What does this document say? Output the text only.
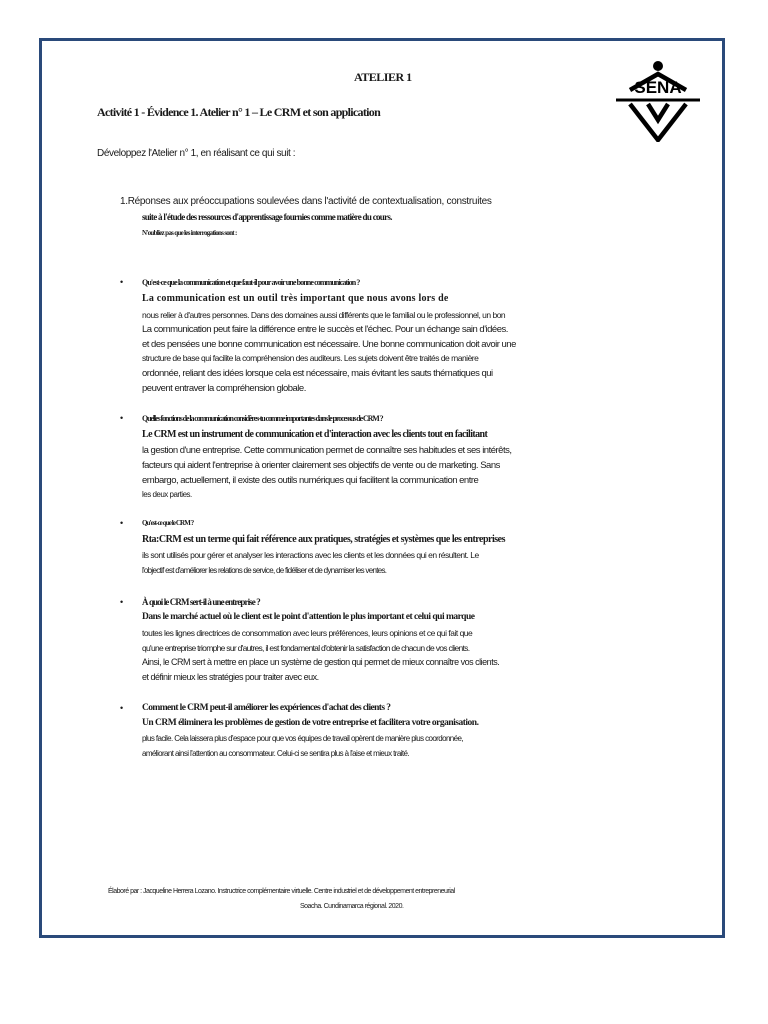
ATELIER 1
Activité 1 - Évidence 1. Atelier n° 1 – Le CRM et son application
SENA
Développez l'Atelier n° 1, en réalisant ce qui suit :
1.Réponses aux préoccupations soulevées dans l'activité de contextualisation, construites
suite à l'étude des ressources d'apprentissage fournies comme matière du cours.
N'oubliez pas que les interrogations sont :
• Qu'est-ce que la communication et que faut-il pour avoir une bonne communication ?
La communication est un outil très important que nous avons lors de
nous relier à d'autres personnes. Dans des domaines aussi différents que le familial ou le professionnel, un bon
La communication peut faire la différence entre le succès et l'échec. Pour un échange sain d'idées.
et des pensées une bonne communication est nécessaire. Une bonne communication doit avoir une
structure de base qui facilite la compréhension des auditeurs. Les sujets doivent être traités de manière
ordonnée, reliant des idées lorsque cela est nécessaire, mais évitant les sauts thématiques qui
peuvent entraver la compréhension globale.
• Quelles fonctions de la communication considères-tu comme importantes dans le processus de CRM ?
Le CRM est un instrument de communication et d'interaction avec les clients tout en facilitant
la gestion d'une entreprise. Cette communication permet de connaître ses habitudes et ses intérêts,
facteurs qui aident l'entreprise à orienter clairement ses objectifs de vente ou de marketing. Sans
embargo, actuellement, il existe des outils numériques qui facilitent la communication entre
les deux parties.
•	Qu'est-ce que le CRM ?
Rta:CRM est un terme qui fait référence aux pratiques, stratégies et systèmes que les entreprises
ils sont utilisés pour gérer et analyser les interactions avec les clients et les données qui en résultent. Le
l'objectif est d'améliorer les relations de service, de fidéliser et de dynamiser les ventes.
• À quoi le CRM sert-il à une entreprise ?
Dans le marché actuel où le client est le point d'attention le plus important et celui qui marque
toutes les lignes directrices de consommation avec leurs préférences, leurs opinions et ce qui fait que
qu'une entreprise triomphe sur d'autres, il est fondamental d'obtenir la satisfaction de chacun de vos clients.
Ainsi, le CRM sert à mettre en place un système de gestion qui permet de mieux connaître vos clients.
et définir mieux les stratégies pour traiter avec eux.
• Comment le CRM peut-il améliorer les expériences d'achat des clients ?
Un CRM éliminera les problèmes de gestion de votre entreprise et facilitera votre organisation.
plus facile. Cela laissera plus d'espace pour que vos équipes de travail opèrent de manière plus coordonnée,
améliorant ainsi l'attention au consommateur. Celui-ci se sentira plus à l'aise et mieux traité.
Élaboré par : Jacqueline Herrera Lozano. Instructrice complémentaire virtuelle. Centre industriel et de développement entrepreneurial
Soacha. Cundinamarca régional. 2020.
